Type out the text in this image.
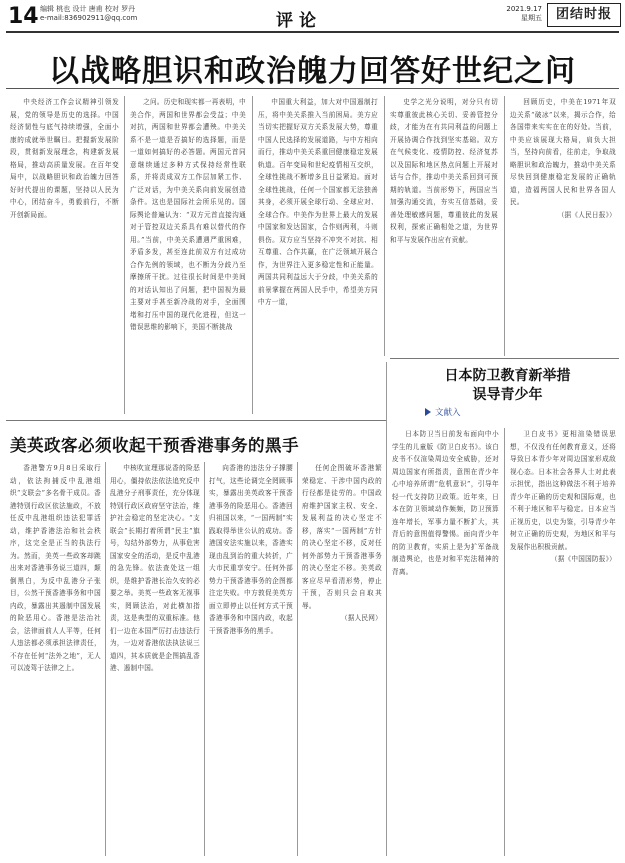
14 编辑 桃也 设计 唐甫 校对 罗丹
e-mail:836902911@qq.com	评论
2021.9.17
星期五	团结时报
以战略胆识和政治魄力回答好世纪之问

中央经济工作会议精神引领发展，党的领导是历史的选择。中国经济韧性与底气持续增强，全面小康的成就举世瞩目。把握新发展阶段，贯彻新发展理念，构建新发展格局，推动高质量发展。在百年变局中，以战略胆识和政治魄力回答好时代提出的课题，坚持以人民为中心，团结奋斗，勇毅前行，不断开创新局面。

之问。历史和现实都一再表明，中美合作，两国和世界都会受益；中美对抗，两国和世界都会遭殃。中美关系不是一道是否搞好的选择题，而是一道如何搞好的必答题。两国元首同意继续通过多种方式保持经常性联系，并将责成双方工作层加紧工作、广泛对话，为中美关系向前发展创造条件。这也是国际社会所乐见的。国际舆论普遍认为：“双方元首直接沟通对于管控双边关系具有难以替代的作用。”当前，中美关系遭遇严重困难，矛盾多发，甚至连此前双方有过成功合作先例的领域，也不断为分歧乃至摩擦所干扰。过往很长时间是中美间的对话认知出了问题，把中国视为最主要对手甚至新冷战的对手，全面围堵和打压中国的现代化进程，但这一错误思维的影响下，美国不断挑战

中国重大利益，加大对中国遏制打压，将中美关系推入当前困局。美方应当切实把握好双方关系发展大势，尊重中国人民选择的发展道路，与中方相向而行，推动中美关系重回健康稳定发展轨道。百年变局和世纪疫情相互交织，全球性挑战不断增多且日益紧迫。面对全球性挑战，任何一个国家都无法独善其身，必须开展全球行动、全球应对、全球合作。中美作为世界上最大的发展中国家和发达国家，合作则两利，斗则俱伤。双方应当坚持不冲突不对抗、相互尊重、合作共赢，在广泛领域开展合作，为世界注入更多稳定性和正能量。两国共同利益远大于分歧，中美关系的前景掌握在两国人民手中，希望美方同中方一道，

史学之光分说明，对分只有切实尊重彼此核心关切、妥善管控分歧，才能为在有共同利益的问题上开展协调合作找到坚实基础。双方在气候变化、疫情防控、经济复苏以及国际和地区热点问题上开展对话与合作，推动中美关系回到可预期的轨道。当前形势下，两国应当加强沟通交流，夯实互信基础，妥善处理敏感问题，尊重彼此的发展权利，探索正确相处之道，为世界和平与发展作出应有贡献。

回顾历史，中美在1971年双边关系“破冰”以来，揭示合作，给各国带来实实在在的好处。当前，中美应该展现大格局，肩负大担当，坚持向前看，往前走，争取战略胆识和政治魄力，推动中美关系尽快回到健康稳定发展的正确轨道，造福两国人民和世界各国人民。

（据《人民日报》）
日本防卫教育新举措
误导青少年
文献入

日本防卫当日前发布面向中小学生的儿童版《防卫白皮书》。该白皮书不仅渲染周边安全威胁，还对周边国家有所指责，意图在青少年心中培养所谓“危机意识”，引导年轻一代支持防卫政策。近年来，日本在防卫领域动作频频，防卫预算连年增长，军事力量不断扩大，其背后的意图值得警惕。面向青少年的防卫教育，实质上是为扩军备战制造舆论，也是对和平宪法精神的背离。

卫白皮书》更相渲染错误思想，不仅没有任何教育意义，还将导致日本青少年对周边国家形成敌视心态。日本社会各界人士对此表示担忧，指出这种做法不利于培养青少年正确的历史观和国际观，也不利于地区和平与稳定。日本应当正视历史，以史为鉴，引导青少年树立正确的历史观，为地区和平与发展作出积极贡献。

（据《中国国防报》）
美英政客必须收起干预香港事务的黑手

香港警方9月8日采取行动，依法拘捕反中乱港组织“支联会”多名骨干成员。香港特别行政区依法施政，不放任反中乱港组织违法犯罪活动，维护香港法治和社会秩序，这完全是正当的执法行为。然而，美英一些政客却跳出来对香港事务说三道四，颠倒黑白，为反中乱港分子张目，公然干预香港事务和中国内政，暴露出其遏制中国发展的险恶用心。香港是法治社会，法律面前人人平等，任何人违法都必须承担法律责任，不存在任何“法外之地”，无人可以凌驾于法律之上。

中核吹宣理那说香的险恶用心，僵持依法依法追究反中乱港分子刑事责任，充分体现特别行政区政府坚守法治，维护社会稳定的坚定决心。“支联会”长期打着所谓“民主”旗号，勾结外部势力，从事危害国家安全的活动，是反中乱港的急先锋。依法查处这一组织，是维护香港长治久安的必要之举。美英一些政客无视事实，罔顾法治，对此横加指责，这是典型的双重标准。他们一边在本国严厉打击违法行为，一边对香港依法执法说三道四，其本质就是企图搞乱香港、遏制中国。

向香港的违法分子撑腰打气，这些论调完全罔顾事实，暴露出美英政客干预香港事务的险恶用心。香港回归祖国以来，“一国两制”实践取得举世公认的成功。香港国安法实施以来，香港实现由乱到治的重大转折，广大市民重享安宁。任何外部势力干预香港事务的企图都注定失败。中方敦促美英方面立即停止以任何方式干预香港事务和中国内政，收起干预香港事务的黑手。

任何企图破坏香港繁荣稳定、干涉中国内政的行径都是徒劳的。中国政府维护国家主权、安全、发展利益的决心坚定不移，落实“一国两制”方针的决心坚定不移，反对任何外部势力干预香港事务的决心坚定不移。美英政客应尽早看清形势，停止干预，否则只会自取其辱。

（据人民网）
